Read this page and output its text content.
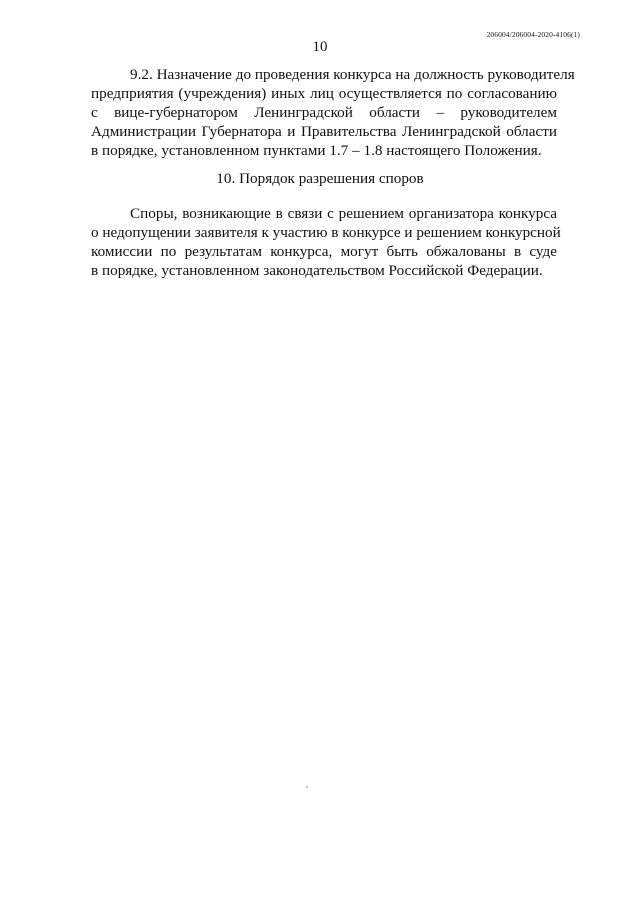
206004/206004-2020-4106(1)
10
9.2. Назначение до проведения конкурса на должность руководителя
предприятия (учреждения) иных лиц осуществляется по согласованию
с вице-губернатором Ленинградской области – руководителем
Администрации Губернатора и Правительства Ленинградской области
в порядке, установленном пунктами 1.7 – 1.8 настоящего Положения.
10. Порядок разрешения споров
Споры, возникающие в связи с решением организатора конкурса
о недопущении заявителя к участию в конкурсе и решением конкурсной
комиссии по результатам конкурса, могут быть обжалованы в суде
в порядке, установленном законодательством Российской Федерации.
